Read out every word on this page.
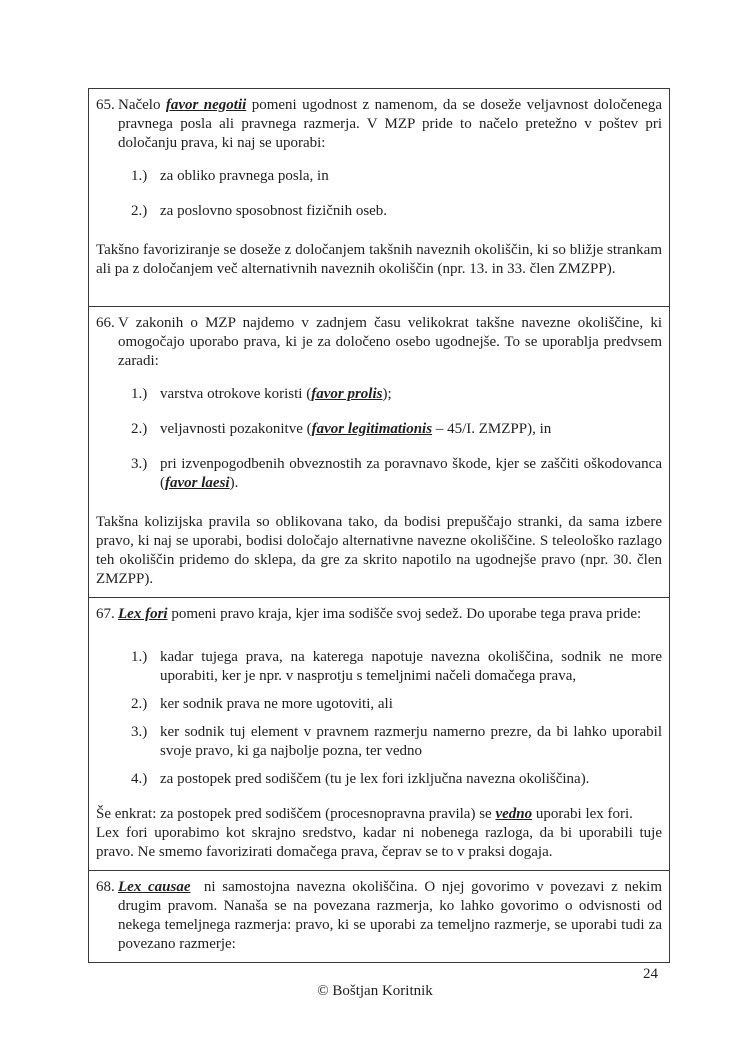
65. Načelo favor negotii pomeni ugodnost z namenom, da se doseže veljavnost določenega pravnega posla ali pravnega razmerja. V MZP pride to načelo pretežno v poštev pri določanju prava, ki naj se uporabi:
1.) za obliko pravnega posla, in
2.) za poslovno sposobnost fizičnih oseb.
Takšno favoriziranje se doseže z določanjem takšnih naveznih okoliščin, ki so bližje strankam ali pa z določanjem več alternativnih naveznih okoliščin (npr. 13. in 33. člen ZMZPP).
66. V zakonih o MZP najdemo v zadnjem času velikokrat takšne navezne okoliščine, ki omogočajo uporabo prava, ki je za določeno osebo ugodnejše. To se uporablja predvsem zaradi:
1.) varstva otrokove koristi (favor prolis);
2.) veljavnosti pozakonitve (favor legitimationis – 45/I. ZMZPP), in
3.) pri izvenpogodbenih obveznostih za poravnavo škode, kjer se zaščiti oškodovanca (favor laesi).
Takšna kolizijska pravila so oblikovana tako, da bodisi prepuščajo stranki, da sama izbere pravo, ki naj se uporabi, bodisi določajo alternativne navezne okoliščine. S teleološko razlago teh okoliščin pridemo do sklepa, da gre za skrito napotilo na ugodnejše pravo (npr. 30. člen ZMZPP).
67. Lex fori pomeni pravo kraja, kjer ima sodišče svoj sedež. Do uporabe tega prava pride:
1.) kadar tujega prava, na katerega napotuje navezna okoliščina, sodnik ne more uporabiti, ker je npr. v nasprotju s temeljnimi načeli domačega prava,
2.) ker sodnik prava ne more ugotoviti, ali
3.) ker sodnik tuj element v pravnem razmerju namerno prezre, da bi lahko uporabil svoje pravo, ki ga najbolje pozna, ter vedno
4.) za postopek pred sodiščem (tu je lex fori izključna navezna okoliščina).
Še enkrat: za postopek pred sodiščem (procesnopravna pravila) se vedno uporabi lex fori.
Lex fori uporabimo kot skrajno sredstvo, kadar ni nobenega razloga, da bi uporabili tuje pravo. Ne smemo favorizirati domačega prava, čeprav se to v praksi dogaja.
68. Lex causae  ni samostojna navezna okoliščina. O njej govorimo v povezavi z nekim drugim pravom. Nanaša se na povezana razmerja, ko lahko govorimo o odvisnosti od nekega temeljnega razmerja: pravo, ki se uporabi za temeljno razmerje, se uporabi tudi za povezano razmerje:
24
© Boštjan Koritnik
